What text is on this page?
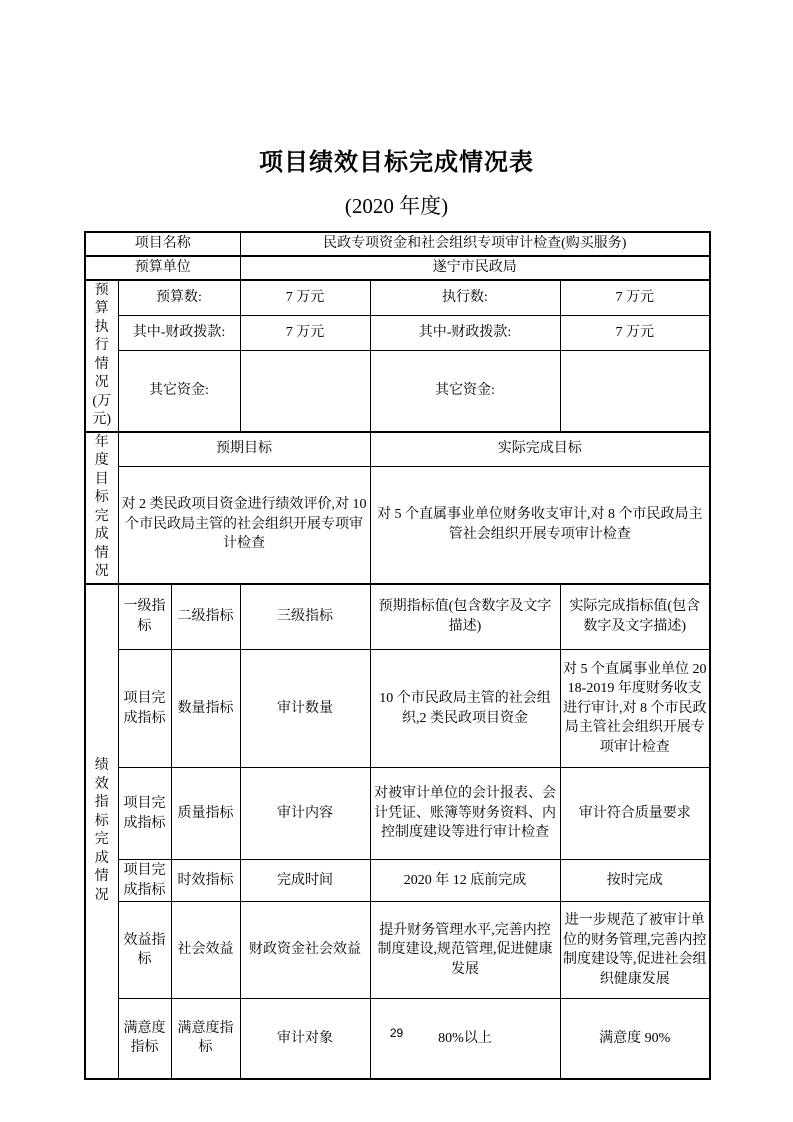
项目绩效目标完成情况表
(2020 年度)
项目名称			民政专项资金和社会组织专项审计检查(购买服务)		
预算单位			遂宁市民政局		
预算执行情况(万元)	预算数:		7 万元	执行数:	7 万元
	其中-财政拨款:		7 万元	其中-财政拨款:	7 万元
	其它资金:			其它资金:	
年度目标完成情况	预期目标			实际完成目标	
	对 2 类民政项目资金进行绩效评价,对 10 个市民政局主管的社会组织开展专项审计检查			对 5 个直属事业单位财务收支审计,对 8 个市民政局主管社会组织开展专项审计检查	
绩效指标完成情况	一级指标	二级指标	三级指标	预期指标值(包含数字及文字描述)	实际完成指标值(包含数字及文字描述)
	项目完成指标	数量指标	审计数量	10 个市民政局主管的社会组织,2 类民政项目资金	对 5 个直属事业单位 2018-2019 年度财务收支进行审计,对 8 个市民政局主管社会组织开展专项审计检查
	项目完成指标	质量指标	审计内容	对被审计单位的会计报表、会计凭证、账簿等财务资料、内控制度建设等进行审计检查	审计符合质量要求
	项目完成指标	时效指标	完成时间	2020 年 12 底前完成	按时完成
	效益指标	社会效益	财政资金社会效益	提升财务管理水平,完善内控制度建设,规范管理,促进健康发展	进一步规范了被审计单位的财务管理,完善内控制度建设等,促进社会组织健康发展
	满意度指标	满意度指标	审计对象	80%以上	满意度 90%
29
